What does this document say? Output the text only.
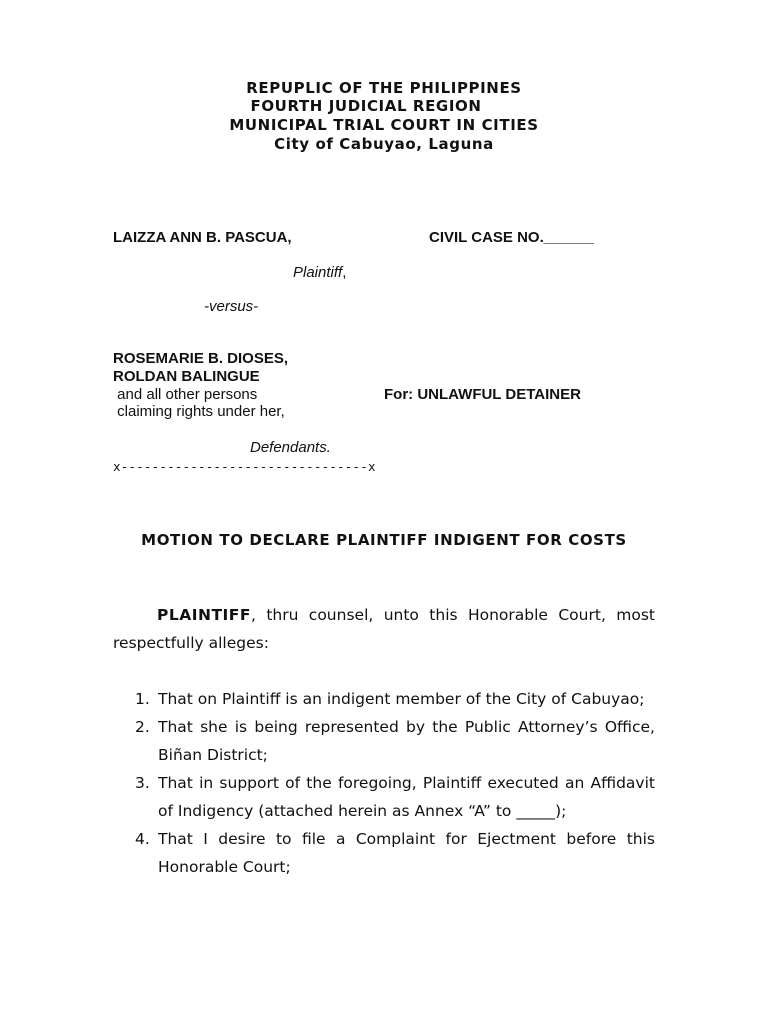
REPUPLIC OF THE PHILIPPINES
FOURTH JUDICIAL REGION
MUNICIPAL TRIAL COURT IN CITIES
City of Cabuyao, Laguna
LAIZZA ANN B. PASCUA,	CIVIL CASE NO.______
Plaintiff,
-versus-
ROSEMARIE B. DIOSES,
ROLDAN BALINGUE
and all other persons
claiming rights under her,
For: UNLAWFUL DETAINER
Defendants.
x--------------------------------x
MOTION TO DECLARE PLAINTIFF INDIGENT FOR COSTS
PLAINTIFF, thru counsel, unto this Honorable Court, most respectfully alleges:
1. That on Plaintiff is an indigent member of the City of Cabuyao;
2. That she is being represented by the Public Attorney’s Office, Biñan District;
3. That in support of the foregoing, Plaintiff executed an Affidavit of Indigency (attached herein as Annex “A” to _____);
4. That I desire to file a Complaint for Ejectment before this Honorable Court;
